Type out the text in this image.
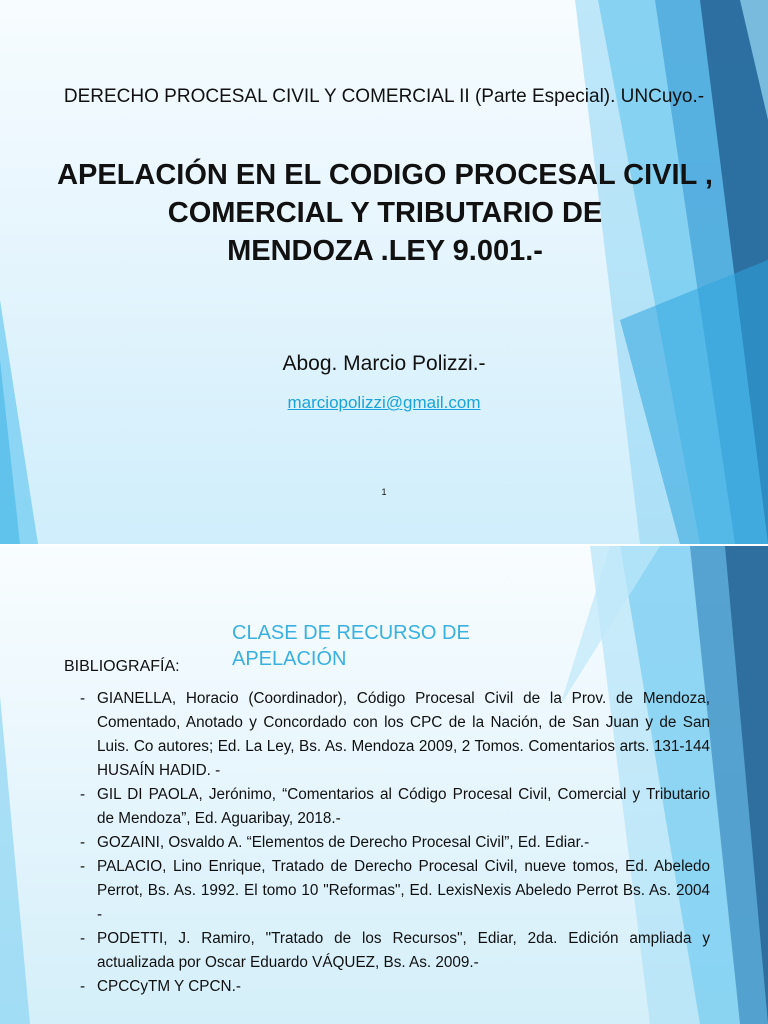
DERECHO PROCESAL CIVIL Y COMERCIAL II (Parte Especial). UNCuyo.-
APELACIÓN EN EL CODIGO PROCESAL CIVIL ,
COMERCIAL Y TRIBUTARIO DE
MENDOZA .LEY 9.001.-
Abog. Marcio Polizzi.-
marciopolizzi@gmail.com
1
CLASE DE RECURSO DE
APELACIÓN
BIBLIOGRAFÍA:
- GIANELLA, Horacio (Coordinador), Código Procesal Civil de la Prov. de Mendoza, Comentado, Anotado y Concordado con los CPC de la Nación, de San Juan y de San Luis. Co autores; Ed. La Ley, Bs. As. Mendoza 2009, 2 Tomos. Comentarios arts. 131-144 HUSAÍN HADID. -
- GIL DI PAOLA, Jerónimo, “Comentarios al Código Procesal Civil, Comercial y Tributario de Mendoza”, Ed. Aguaribay, 2018.-
- GOZAINI, Osvaldo A. “Elementos de Derecho Procesal Civil”, Ed. Ediar.-
- PALACIO, Lino Enrique, Tratado de Derecho Procesal Civil, nueve tomos, Ed. Abeledo Perrot, Bs. As. 1992. El tomo 10 "Reformas", Ed. LexisNexis Abeledo Perrot Bs. As. 2004 -
- PODETTI, J. Ramiro, "Tratado de los Recursos", Ediar, 2da. Edición ampliada y actualizada por Oscar Eduardo VÁQUEZ, Bs. As. 2009.-
- CPCCyTM Y CPCN.-
